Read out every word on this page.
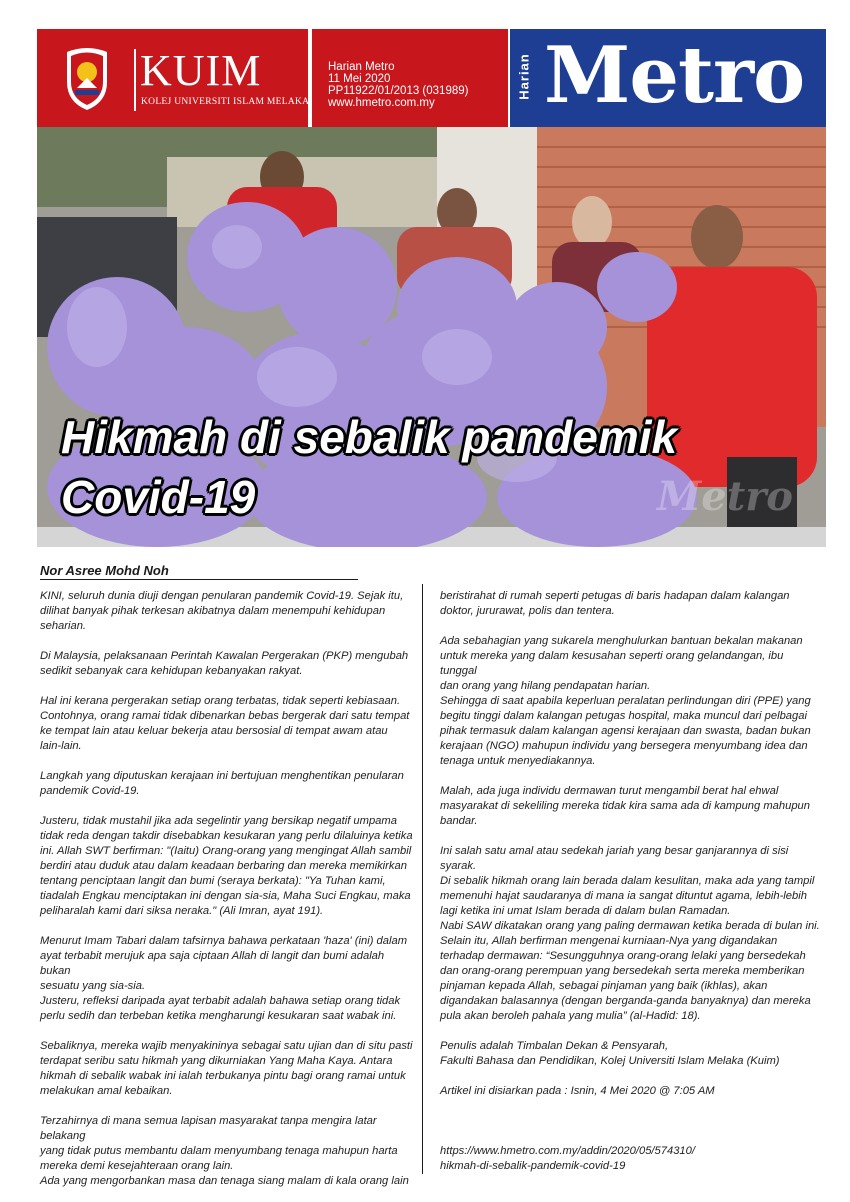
KUIM
KOLEJ UNIVERSITI ISLAM MELAKA
Harian Metro
11 Mei 2020
PP11922/01/2013 (031989)
www.hmetro.com.my
Harian Metro
Metro
Hikmah di sebalik pandemik
Covid-19
Nor Asree Mohd Noh

KINI, seluruh dunia diuji dengan penularan pandemik Covid-19. Sejak itu,
dilihat banyak pihak terkesan akibatnya dalam menempuhi kehidupan
seharian.

Di Malaysia, pelaksanaan Perintah Kawalan Pergerakan (PKP) mengubah
sedikit sebanyak cara kehidupan kebanyakan rakyat.

Hal ini kerana pergerakan setiap orang terbatas, tidak seperti kebiasaan.
Contohnya, orang ramai tidak dibenarkan bebas bergerak dari satu tempat
ke tempat lain atau keluar bekerja atau bersosial di tempat awam atau
lain-lain.

Langkah yang diputuskan kerajaan ini bertujuan menghentikan penularan
pandemik Covid-19.

Justeru, tidak mustahil jika ada segelintir yang bersikap negatif umpama
tidak reda dengan takdir disebabkan kesukaran yang perlu dilaluinya ketika
ini. Allah SWT berfirman: "(Iaitu) Orang-orang yang mengingat Allah sambil
berdiri atau duduk atau dalam keadaan berbaring dan mereka memikirkan
tentang penciptaan langit dan bumi (seraya berkata): "Ya Tuhan kami,
tiadalah Engkau menciptakan ini dengan sia-sia, Maha Suci Engkau, maka
peliharalah kami dari siksa neraka." (Ali Imran, ayat 191).

Menurut Imam Tabari dalam tafsirnya bahawa perkataan 'haza' (ini) dalam
ayat terbabit merujuk apa saja ciptaan Allah di langit dan bumi adalah bukan
sesuatu yang sia-sia.

Justeru, refleksi daripada ayat terbabit adalah bahawa setiap orang tidak
perlu sedih dan terbeban ketika mengharungi kesukaran saat wabak ini.

Sebaliknya, mereka wajib menyakininya sebagai satu ujian dan di situ pasti
terdapat seribu satu hikmah yang dikurniakan Yang Maha Kaya. Antara
hikmah di sebalik wabak ini ialah terbukanya pintu bagi orang ramai untuk
melakukan amal kebaikan.

Terzahirnya di mana semua lapisan masyarakat tanpa mengira latar belakang
yang tidak putus membantu dalam menyumbang tenaga mahupun harta
mereka demi kesejahteraan orang lain.

Ada yang mengorbankan masa dan tenaga siang malam di kala orang lain

beristirahat di rumah seperti petugas di baris hadapan dalam kalangan
doktor, jururawat, polis dan tentera.

Ada sebahagian yang sukarela menghulurkan bantuan bekalan makanan
untuk mereka yang dalam kesusahan seperti orang gelandangan, ibu tunggal
dan orang yang hilang pendapatan harian.

Sehingga di saat apabila keperluan peralatan perlindungan diri (PPE) yang
begitu tinggi dalam kalangan petugas hospital, maka muncul dari pelbagai
pihak termasuk dalam kalangan agensi kerajaan dan swasta, badan bukan
kerajaan (NGO) mahupun individu yang bersegera menyumbang idea dan
tenaga untuk menyediakannya.

Malah, ada juga individu dermawan turut mengambil berat hal ehwal
masyarakat di sekeliling mereka tidak kira sama ada di kampung mahupun
bandar.

Ini salah satu amal atau sedekah jariah yang besar ganjarannya di sisi syarak.
Di sebalik hikmah orang lain berada dalam kesulitan, maka ada yang tampil
memenuhi hajat saudaranya di mana ia sangat dituntut agama, lebih-lebih
lagi ketika ini umat Islam berada di dalam bulan Ramadan.

Nabi SAW dikatakan orang yang paling dermawan ketika berada di bulan ini.
Selain itu, Allah berfirman mengenai kurniaan-Nya yang digandakan
terhadap dermawan: “Sesungguhnya orang-orang lelaki yang bersedekah
dan orang-orang perempuan yang bersedekah serta mereka memberikan
pinjaman kepada Allah, sebagai pinjaman yang baik (ikhlas), akan
digandakan balasannya (dengan berganda-ganda banyaknya) dan mereka
pula akan beroleh pahala yang mulia” (al-Hadid: 18).

Penulis adalah Timbalan Dekan & Pensyarah,
Fakulti Bahasa dan Pendidikan, Kolej Universiti Islam Melaka (Kuim)

Artikel ini disiarkan pada : Isnin, 4 Mei 2020 @ 7:05 AM

https://www.hmetro.com.my/addin/2020/05/574310/
hikmah-di-sebalik-pandemik-covid-19
